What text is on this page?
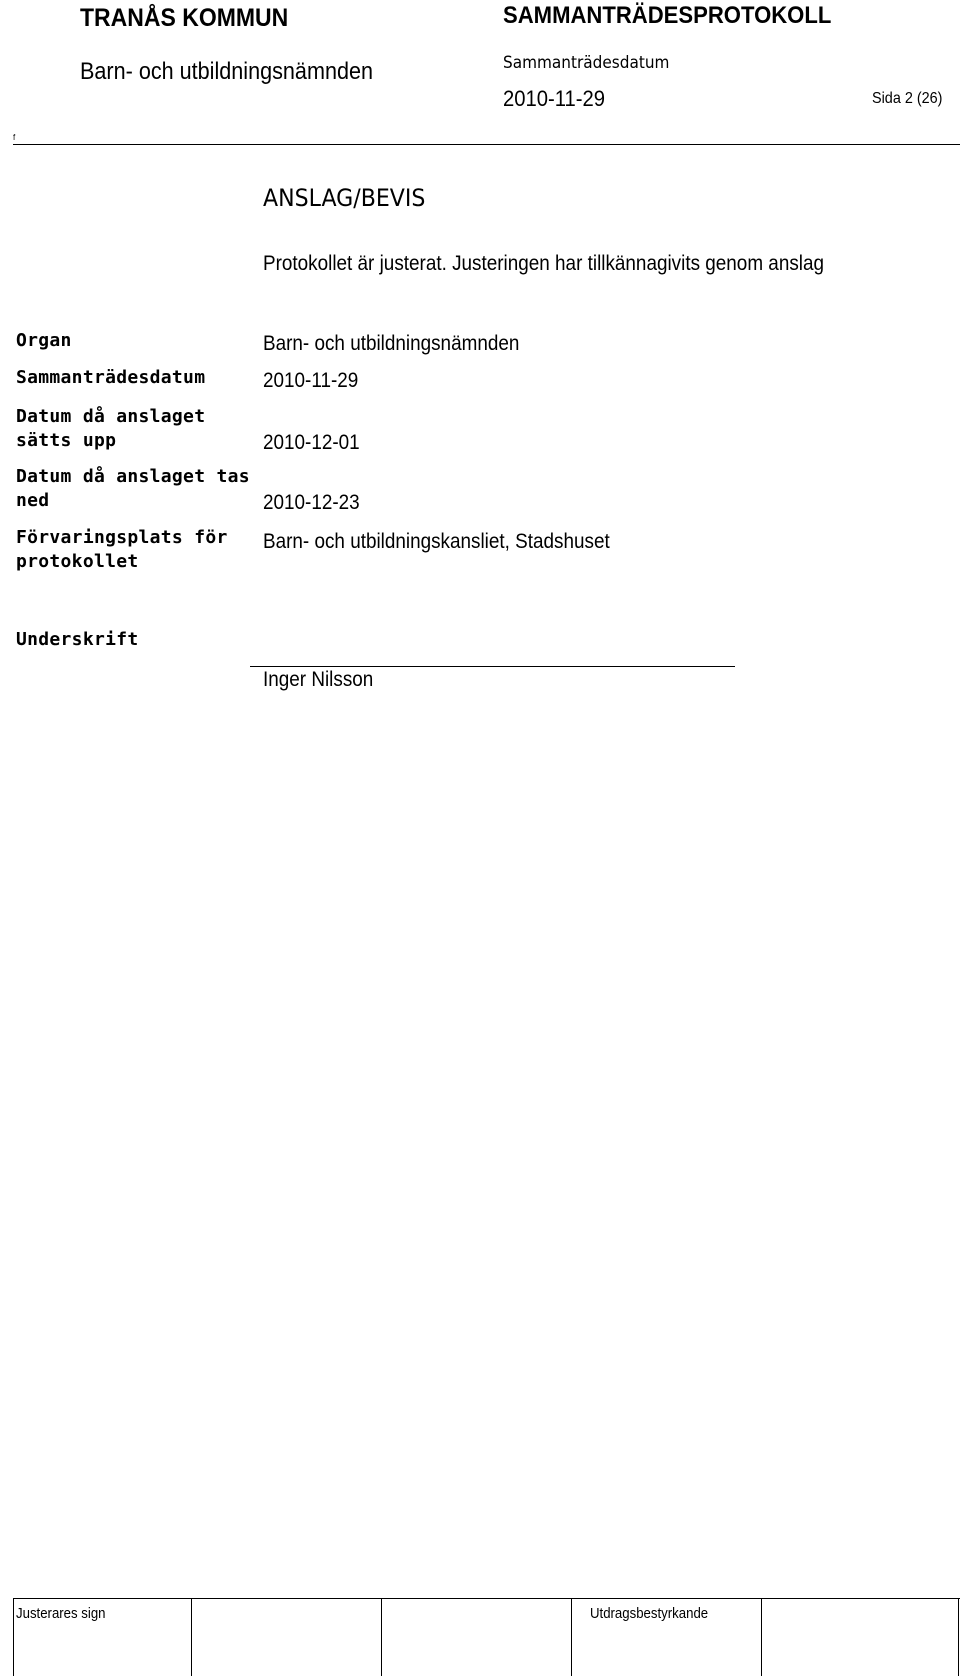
TRANÅS KOMMUN	SAMMANTRÄDESPROTOKOLL
Barn- och utbildningsnämnden	Sammanträdesdatum
2010-11-29	Sida 2 (26)
f
ANSLAG/BEVIS
Protokollet är justerat. Justeringen har tillkännagivits genom anslag
Organ	Barn- och utbildningsnämnden
Sammanträdesdatum	2010-11-29
Datum då anslaget
sätts upp	2010-12-01
Datum då anslaget tas
ned	2010-12-23
Förvaringsplats för
protokollet
Barn- och utbildningskansliet, Stadshuset
Underskrift
Inger Nilsson
Justerares sign	Utdragsbestyrkande
